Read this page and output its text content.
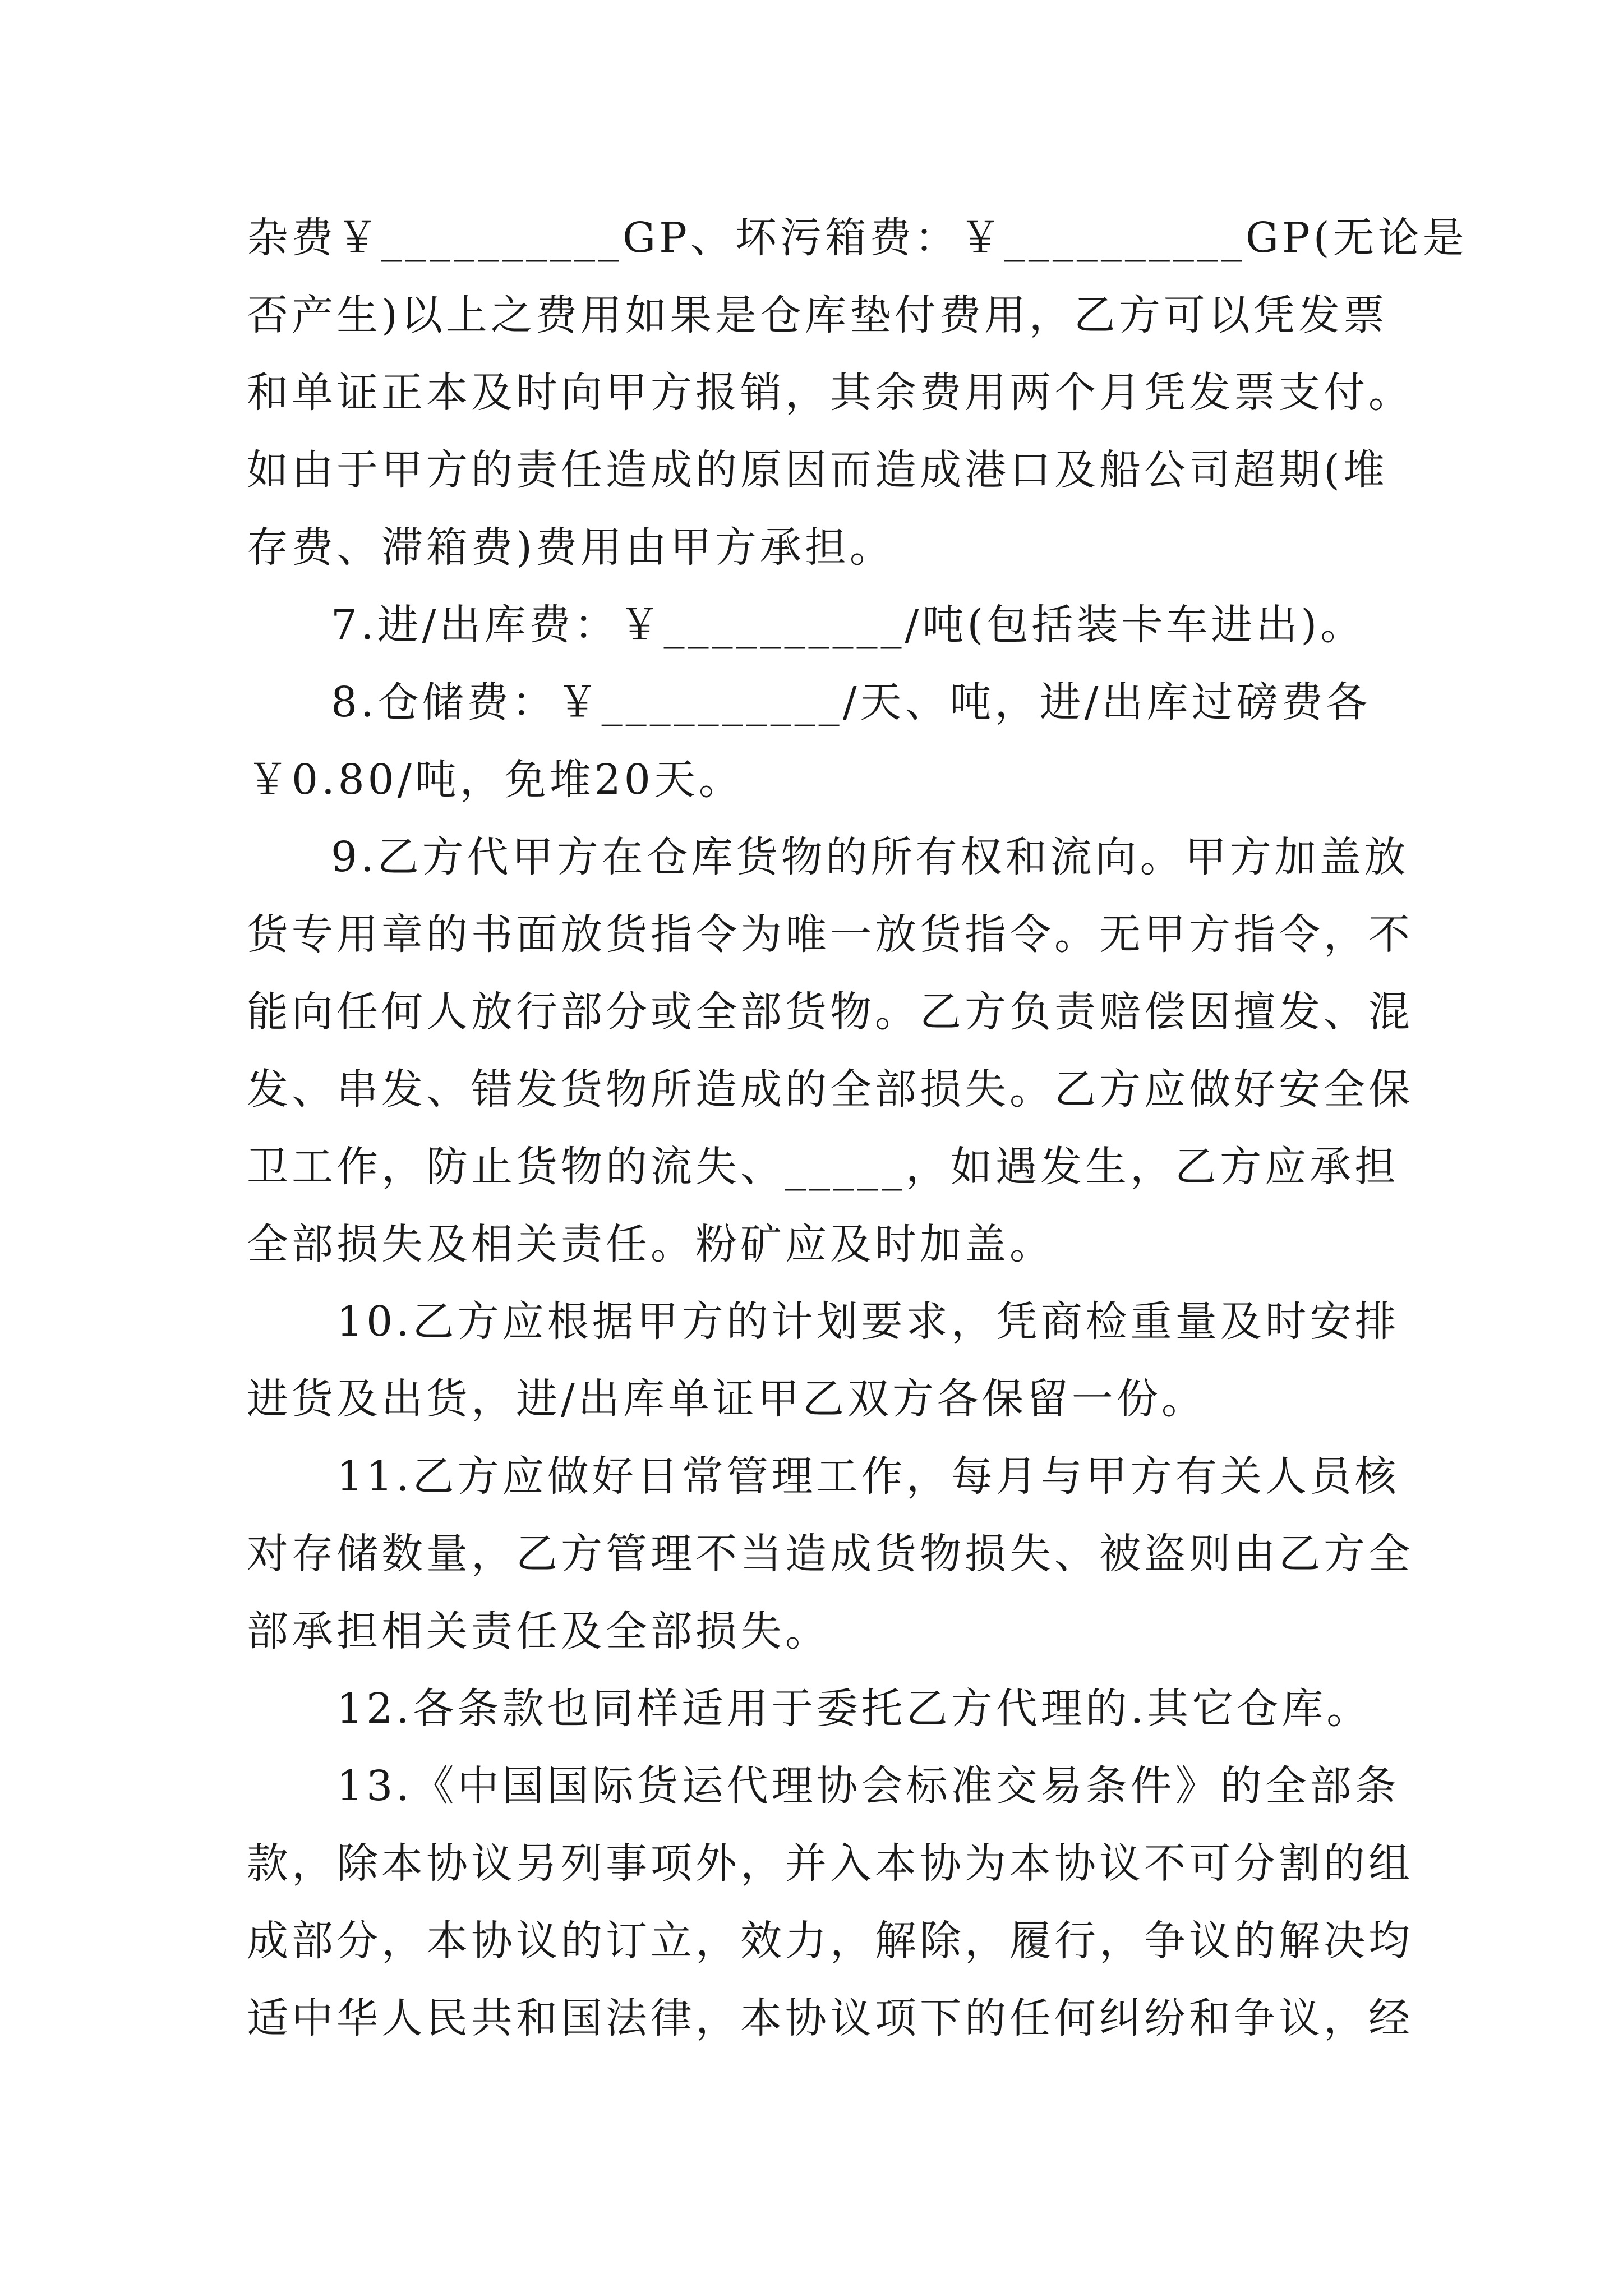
杂费￥__________GP、坏污箱费：￥__________GP(无论是
否产生)以上之费用如果是仓库垫付费用，乙方可以凭发票
和单证正本及时向甲方报销，其余费用两个月凭发票支付。
如由于甲方的责任造成的原因而造成港口及船公司超期(堆
存费、滞箱费)费用由甲方承担。
7.进/出库费：￥__________/吨(包括装卡车进出)。
8.仓储费：￥__________/天、吨，进/出库过磅费各
￥0.80/吨，免堆20天。
9.乙方代甲方在仓库货物的所有权和流向。甲方加盖放
货专用章的书面放货指令为唯一放货指令。无甲方指令，不
能向任何人放行部分或全部货物。乙方负责赔偿因擅发、混
发、串发、错发货物所造成的全部损失。乙方应做好安全保
卫工作，防止货物的流失、_____，如遇发生，乙方应承担
全部损失及相关责任。粉矿应及时加盖。
10.乙方应根据甲方的计划要求，凭商检重量及时安排
进货及出货，进/出库单证甲乙双方各保留一份。
11.乙方应做好日常管理工作，每月与甲方有关人员核
对存储数量，乙方管理不当造成货物损失、被盗则由乙方全
部承担相关责任及全部损失。
12.各条款也同样适用于委托乙方代理的.其它仓库。
13.《中国国际货运代理协会标准交易条件》的全部条
款，除本协议另列事项外，并入本协为本协议不可分割的组
成部分，本协议的订立，效力，解除，履行，争议的解决均
适中华人民共和国法律，本协议项下的任何纠纷和争议，经
